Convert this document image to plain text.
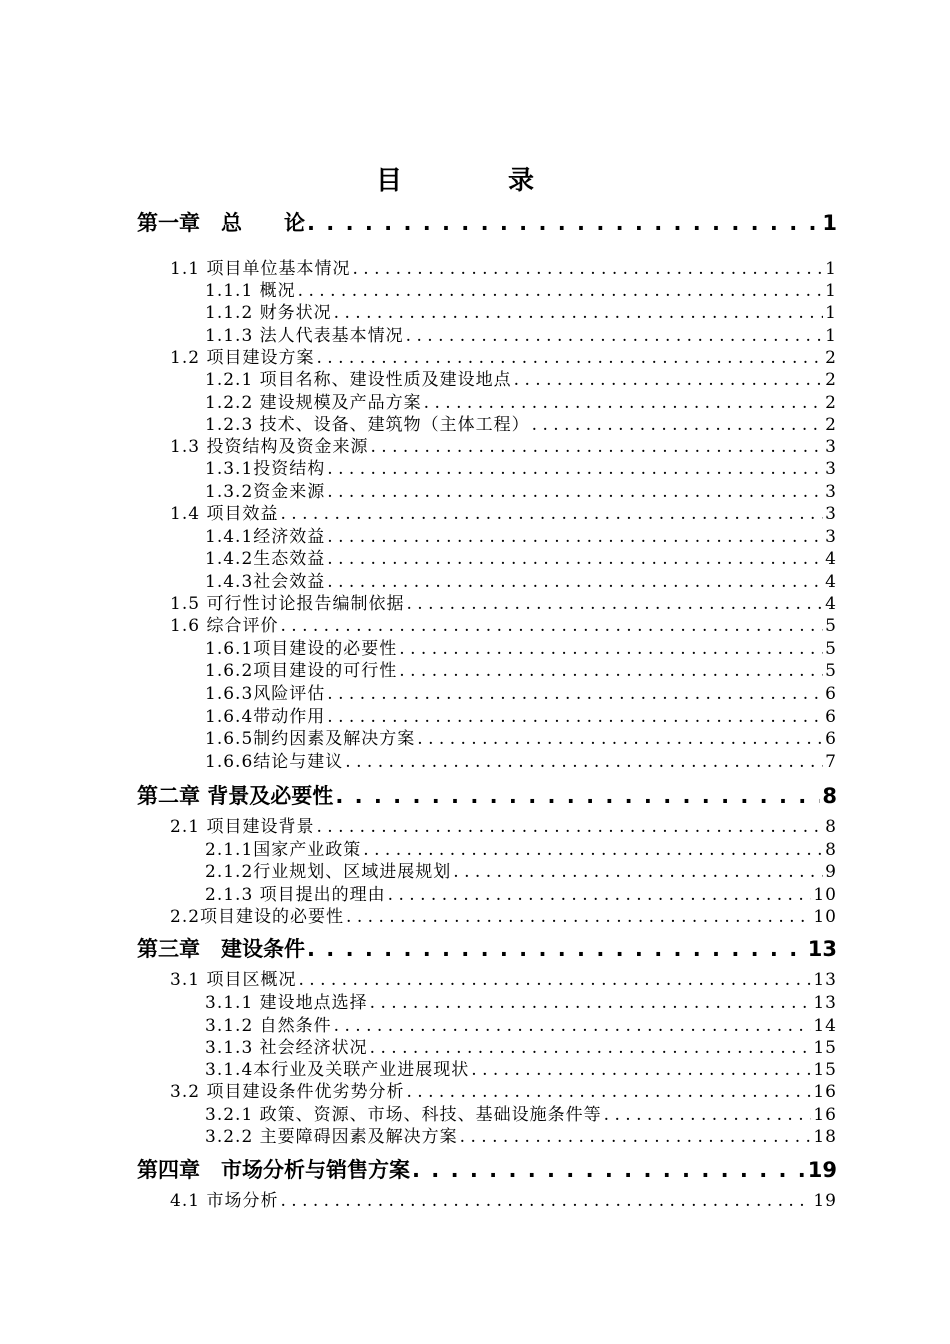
目　录
第一章　总　　论 . . .	1
1.1 项目单位基本情况 . . .	1
1.1.1 概况 . . .	1
1.1.2 财务状况 . . .	1
1.1.3 法人代表基本情况 . . .	1
1.2 项目建设方案 . . .	2
1.2.1 项目名称、建设性质及建设地点 . . .	2
1.2.2 建设规模及产品方案 . . .	2
1.2.3 技术、设备、建筑物（主体工程） . . .	2
1.3 投资结构及资金来源 . . .	3
1.3.1投资结构 . . .	3
1.3.2资金来源 . . .	3
1.4 项目效益 . . .	3
1.4.1经济效益 . . .	3
1.4.2生态效益 . . .	4
1.4.3社会效益 . . .	4
1.5 可行性讨论报告编制依据 . . .	4
1.6 综合评价 . . .	5
1.6.1项目建设的必要性 . . .	5
1.6.2项目建设的可行性 . . .	5
1.6.3风险评估 . . .	6
1.6.4带动作用 . . .	6
1.6.5制约因素及解决方案 . . .	6
1.6.6结论与建议 . . .	7
第二章 背景及必要性 . . .	8
2.1 项目建设背景 . . .	8
2.1.1国家产业政策 . . .	8
2.1.2行业规划、区域进展规划 . . .	9
2.1.3 项目提出的理由 . . .	10
2.2项目建设的必要性 . . .	10
第三章　建设条件 . . .	13
3.1 项目区概况 . . .	13
3.1.1 建设地点选择 . . .	13
3.1.2 自然条件 . . .	14
3.1.3 社会经济状况 . . .	15
3.1.4本行业及关联产业进展现状 . . .	15
3.2 项目建设条件优劣势分析 . . .	16
3.2.1 政策、资源、市场、科技、基础设施条件等 . . .	16
3.2.2 主要障碍因素及解决方案 . . .	18
第四章　市场分析与销售方案 . . .	19
4.1 市场分析 . . .	19
